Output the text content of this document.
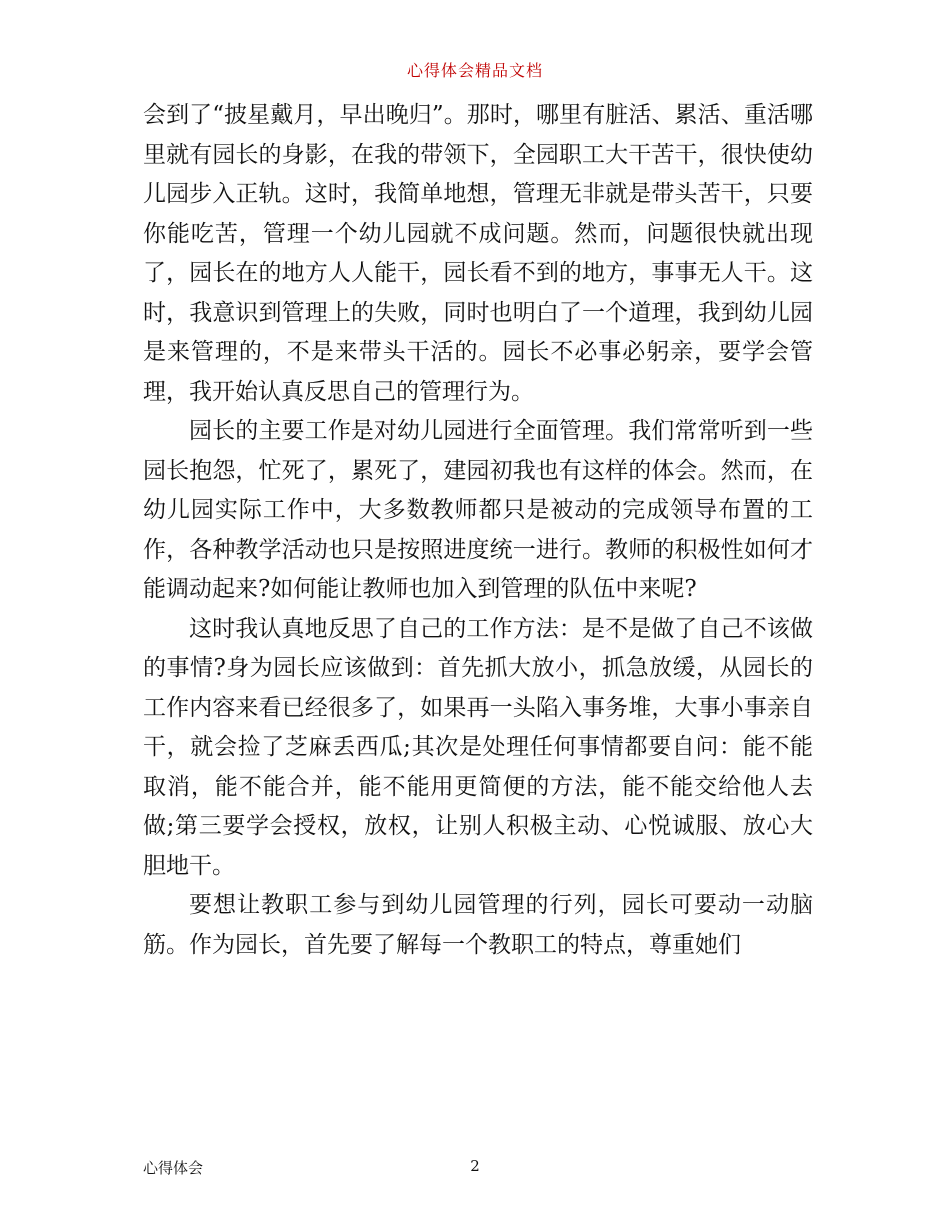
心得体会精品文档

会到了“披星戴月，早出晚归”。那时，哪里有脏活、累活、重活哪里就有园长的身影，在我的带领下，全园职工大干苦干，很快使幼儿园步入正轨。这时，我简单地想，管理无非就是带头苦干，只要你能吃苦，管理一个幼儿园就不成问题。然而，问题很快就出现了，园长在的地方人人能干，园长看不到的地方，事事无人干。这时，我意识到管理上的失败，同时也明白了一个道理，我到幼儿园是来管理的，不是来带头干活的。园长不必事必躬亲，要学会管理，我开始认真反思自己的管理行为。

园长的主要工作是对幼儿园进行全面管理。我们常常听到一些园长抱怨，忙死了，累死了，建园初我也有这样的体会。然而，在幼儿园实际工作中，大多数教师都只是被动的完成领导布置的工作，各种教学活动也只是按照进度统一进行。教师的积极性如何才能调动起来?如何能让教师也加入到管理的队伍中来呢?

这时我认真地反思了自己的工作方法：是不是做了自己不该做的事情?身为园长应该做到：首先抓大放小，抓急放缓，从园长的工作内容来看已经很多了，如果再一头陷入事务堆，大事小事亲自干，就会捡了芝麻丢西瓜;其次是处理任何事情都要自问：能不能取消，能不能合并，能不能用更简便的方法，能不能交给他人去做;第三要学会授权，放权，让别人积极主动、心悦诚服、放心大胆地干。

要想让教职工参与到幼儿园管理的行列，园长可要动一动脑筋。作为园长，首先要了解每一个教职工的特点，尊重她们

心得体会	2
